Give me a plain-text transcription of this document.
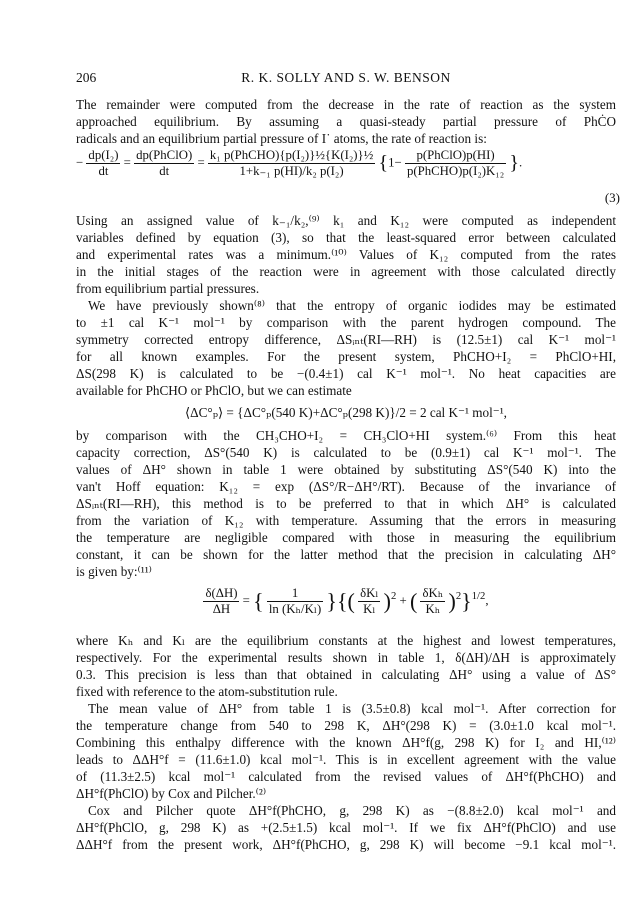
206	R. K. SOLLY AND S. W. BENSON
The remainder were computed from the decrease in the rate of reaction as the system
approached equilibrium. By assuming a quasi-steady partial pressure of PhĊO
radicals and an equilibrium partial pressure of I˙ atoms, the rate of reaction is:
− $\frac{\text{dp(I₂)}}{dt} = \frac{\text{dp(PhClO)}}{dt} = \frac{\text{k₁ p(PhCHO)\{p(I₂)\}½\{K(I₂)\}½}}{\text{1+k₋₁ p(HI)/k₂ p(I₂)}} \{1- \frac{\text{p(PhClO)p(HI)}}{\text{p(PhCHO)p(I₂)K₁₂}}$ }.
(3)
Using an assigned value of k₋₁/k₂,⁽⁹⁾ k₁ and K₁₂ were computed as independent
variables defined by equation (3), so that the least-squared error between calculated
and experimental rates was a minimum.⁽¹⁰⁾ Values of K₁₂ computed from the rates
in the initial stages of the reaction were in agreement with those calculated directly
from equilibrium partial pressures.
We have previously shown⁽⁸⁾ that the entropy of organic iodides may be estimated
to ±1 cal K⁻¹ mol⁻¹ by comparison with the parent hydrogen compound. The
symmetry corrected entropy difference, ΔSᵢₙₜ(RI—RH) is (12.5±1) cal K⁻¹ mol⁻¹
for all known examples. For the present system, PhCHO+I₂ = PhClO+HI,
ΔS(298 K) is calculated to be −(0.4±1) cal K⁻¹ mol⁻¹. No heat capacities are
available for PhCHO or PhClO, but we can estimate
⟨ΔC°ₚ⟩ = {ΔC°ₚ(540 K)+ΔC°ₚ(298 K)}/2 = 2 cal K⁻¹ mol⁻¹,
by comparison with the CH₃CHO+I₂ = CH₃ClO+HI system.⁽⁶⁾ From this heat
capacity correction, ΔS°(540 K) is calculated to be (0.9±1) cal K⁻¹ mol⁻¹. The
values of ΔH° shown in table 1 were obtained by substituting ΔS°(540 K) into the
van't Hoff equation: K₁₂ = exp (ΔS°/R−ΔH°/RT). Because of the invariance of
ΔSᵢₙₜ(RI—RH), this method is to be preferred to that in which ΔH° is calculated
from the variation of K₁₂ with temperature. Assuming that the errors in measuring
the temperature are negligible compared with those in measuring the equilibrium
constant, it can be shown for the latter method that the precision in calculating ΔH°
is given by:⁽¹¹⁾
$\frac{\delta(\Delta H)}{\Delta H}$ = { $\frac{1}{\text{ln (Kₕ/Kₗ)}}$ }{( $\frac{\text{δKₗ}}{\text{Kₗ}} )^2$ + ( $\frac{\text{δKₕ}}{\text{Kₕ}} )^2\}^{1/2}$,
where Kₕ and Kₗ are the equilibrium constants at the highest and lowest temperatures,
respectively. For the experimental results shown in table 1, δ(ΔH)/ΔH is approximately
0.3. This precision is less than that obtained in calculating ΔH° using a value of ΔS°
fixed with reference to the atom-substitution rule.
The mean value of ΔH° from table 1 is (3.5±0.8) kcal mol⁻¹. After correction for
the temperature change from 540 to 298 K, ΔH°(298 K) = (3.0±1.0 kcal mol⁻¹.
Combining this enthalpy difference with the known ΔH°f(g, 298 K) for I₂ and HI,⁽¹²⁾
leads to ΔΔH°f = (11.6±1.0) kcal mol⁻¹. This is in excellent agreement with the value
of (11.3±2.5) kcal mol⁻¹ calculated from the revised values of ΔH°f(PhCHO) and
ΔH°f(PhClO) by Cox and Pilcher.⁽²⁾
Cox and Pilcher quote ΔH°f(PhCHO, g, 298 K) as −(8.8±2.0) kcal mol⁻¹ and
ΔH°f(PhClO, g, 298 K) as +(2.5±1.5) kcal mol⁻¹. If we fix ΔH°f(PhClO) and use
ΔΔH°f from the present work, ΔH°f(PhCHO, g, 298 K) will become −9.1 kcal mol⁻¹.
